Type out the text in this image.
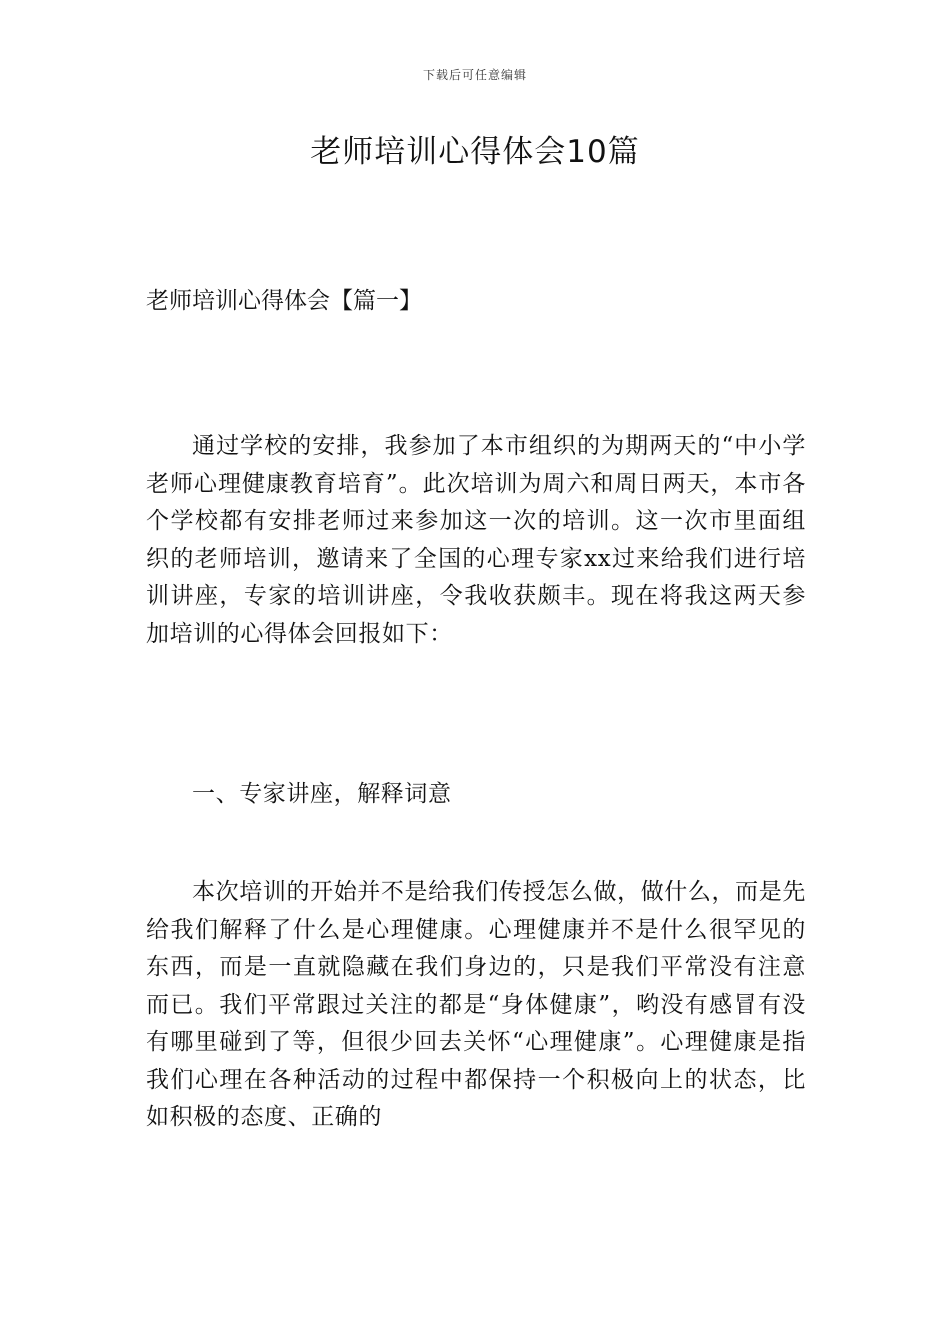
下载后可任意编辑
老师培训心得体会10篇
老师培训心得体会【篇一】

通过学校的安排，我参加了本市组织的为期两天的“中小学老师心理健康教育培育”。此次培训为周六和周日两天，本市各个学校都有安排老师过来参加这一次的培训。这一次市里面组织的老师培训，邀请来了全国的心理专家xx过来给我们进行培训讲座，专家的培训讲座，令我收获颇丰。现在将我这两天参加培训的心得体会回报如下：

一、专家讲座，解释词意

本次培训的开始并不是给我们传授怎么做，做什么，而是先给我们解释了什么是心理健康。心理健康并不是什么很罕见的东西，而是一直就隐藏在我们身边的，只是我们平常没有注意而已。我们平常跟过关注的都是“身体健康”，哟没有感冒有没有哪里碰到了等，但很少回去关怀“心理健康”。心理健康是指我们心理在各种活动的过程中都保持一个积极向上的状态，比如积极的态度、正确的
